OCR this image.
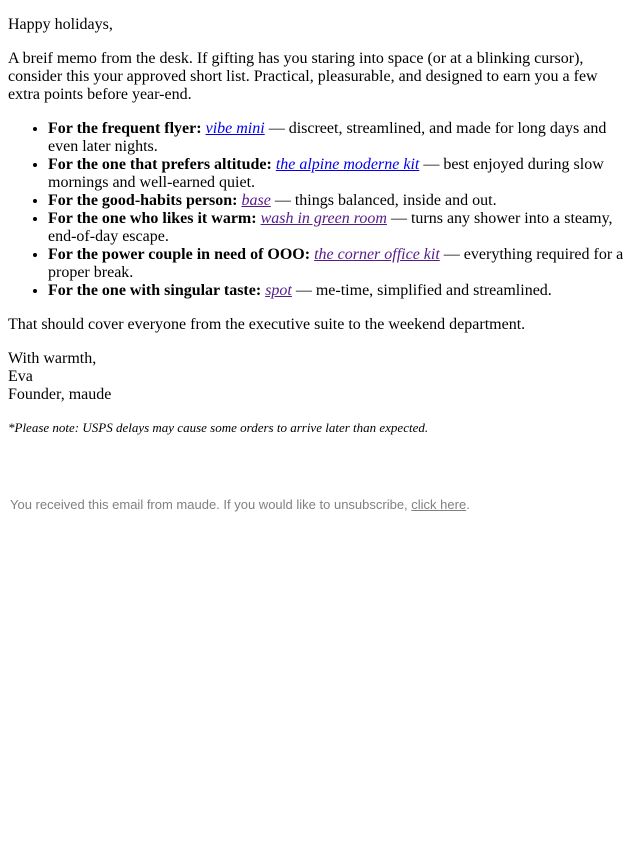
Happy holidays,

A breif memo from the desk. If gifting has you staring into space (or at a blinking cursor), consider this your approved short list. Practical, pleasurable, and designed to earn you a few extra points before year-end.

• For the frequent flyer: vibe mini — discreet, streamlined, and made for long days and even later nights.
• For the one that prefers altitude: the alpine moderne kit — best enjoyed during slow mornings and well-earned quiet.
• For the good-habits person: base — things balanced, inside and out.
• For the one who likes it warm: wash in green room — turns any shower into a steamy, end-of-day escape.
• For the power couple in need of OOO: the corner office kit — everything required for a proper break.
• For the one with singular taste: spot — me-time, simplified and streamlined.

That should cover everyone from the executive suite to the weekend department.

With warmth,
Eva
Founder, maude

*Please note: USPS delays may cause some orders to arrive later than expected.

You received this email from maude. If you would like to unsubscribe, click here.
